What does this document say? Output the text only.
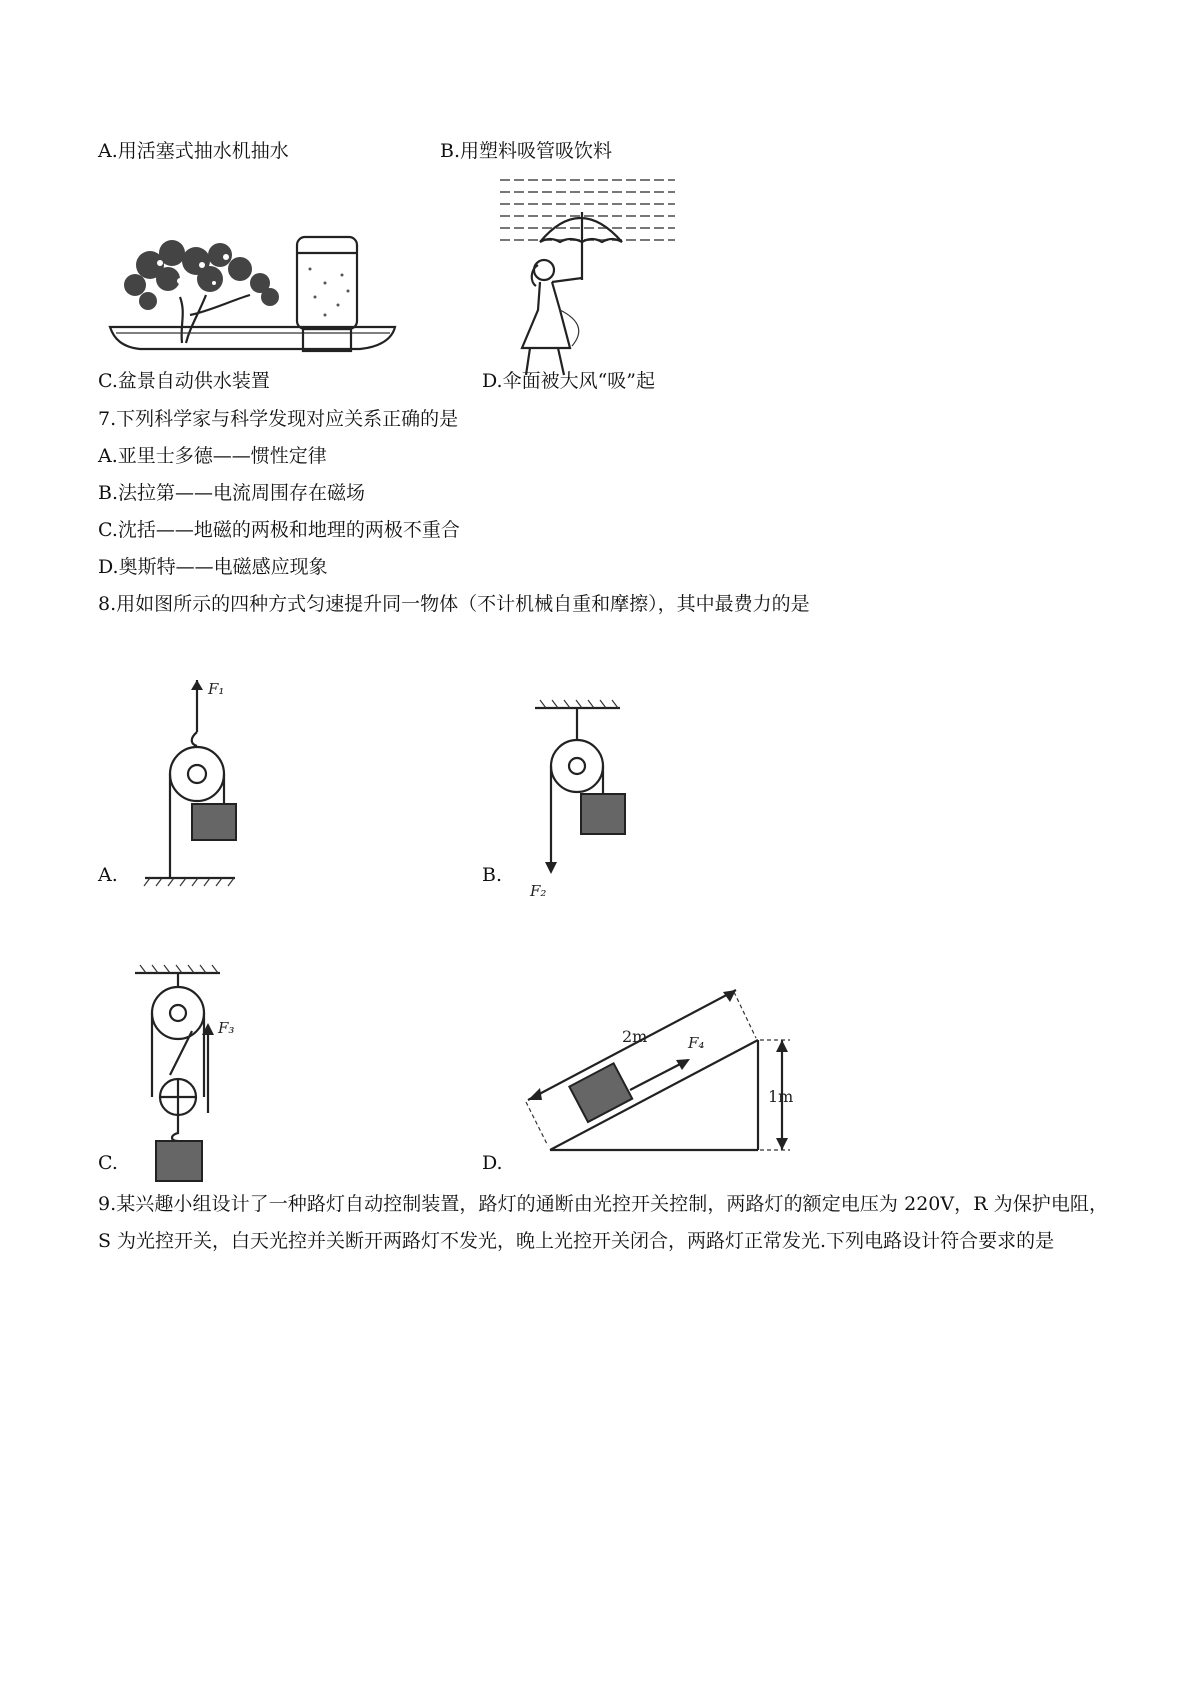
A.用活塞式抽水机抽水	B.用塑料吸管吸饮料
C.盆景自动供水装置	D.伞面被大风“吸”起
7.下列科学家与科学发现对应关系正确的是
A.亚里士多德——惯性定律
B.法拉第——电流周围存在磁场
C.沈括——地磁的两极和地理的两极不重合
D.奥斯特——电磁感应现象
8.用如图所示的四种方式匀速提升同一物体（不计机械自重和摩擦），其中最费力的是
F₁
A.
F₂
B.
F₃
C.
2m	F₄
1m
D.
9.某兴趣小组设计了一种路灯自动控制装置，路灯的通断由光控开关控制，两路灯的额定电压为 220V，R 为保护电阻，S 为光控开关，白天光控并关断开两路灯不发光，晚上光控开关闭合，两路灯正常发光.下列电路设计符合要求的是
